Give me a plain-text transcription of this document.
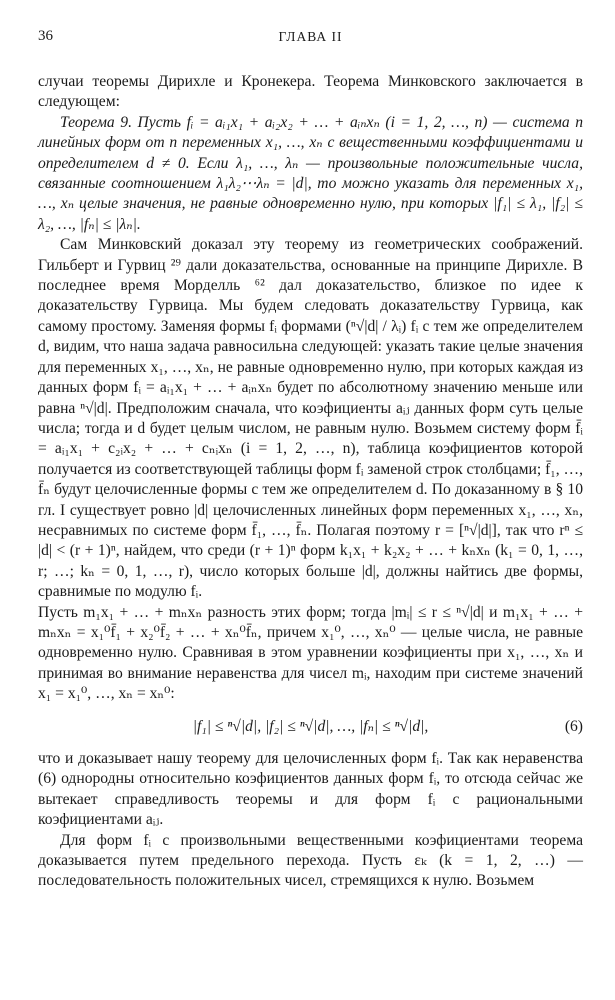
36	ГЛАВА II

случаи теоремы Дирихле и Кронекера. Теорема Минковского заключается в следующем:

Теорема 9. Пусть fᵢ = aᵢ₁x₁ + aᵢ₂x₂ + … + aᵢₙxₙ (i = 1, 2, …, n) — система n линейных форм от n переменных x₁, …, xₙ с вещественными коэффициентами и определителем d ≠ 0. Если λ₁, …, λₙ — произвольные положительные числа, связанные соотношением λ₁λ₂⋯λₙ = |d|, то можно указать для переменных x₁, …, xₙ целые значения, не равные одновременно нулю, при которых |f₁| ≤ λ₁, |f₂| ≤ λ₂, …, |fₙ| ≤ |λₙ|.

Сам Минковский доказал эту теорему из геометрических соображений. Гильберт и Гурвиц ²⁹ дали доказательства, основанные на принципе Дирихле. В последнее время Морделль ⁶² дал доказательство, близкое по идее к доказательству Гурвица. Мы будем следовать доказательству Гурвица, как самому простому. Заменяя формы fᵢ формами (ⁿ√|d| / λᵢ) fᵢ с тем же определителем d, видим, что наша задача равносильна следующей: указать такие целые значения для переменных x₁, …, xₙ, не равные одновременно нулю, при которых каждая из данных форм fᵢ = aᵢ₁x₁ + … + aᵢₙxₙ будет по абсолютному значению меньше или равна ⁿ√|d|. Предположим сначала, что коэфициенты aᵢⱼ данных форм суть целые числа; тогда и d будет целым числом, не равным нулю. Возьмем систему форм f̄ᵢ = aᵢ₁x₁ + c₂ᵢx₂ + … + cₙᵢxₙ (i = 1, 2, …, n), таблица коэфициентов которой получается из соответствующей таблицы форм fᵢ заменой строк столбцами; f̄₁, …, f̄ₙ будут целочисленные формы с тем же определителем d. По доказанному в § 10 гл. I существует ровно |d| целочисленных линейных форм переменных x₁, …, xₙ, несравнимых по системе форм f̄₁, …, f̄ₙ. Полагая поэтому r = [ⁿ√|d|], так что rⁿ ≤ |d| < (r + 1)ⁿ, найдем, что среди (r + 1)ⁿ форм k₁x₁ + k₂x₂ + … + kₙxₙ (k₁ = 0, 1, …, r; …; kₙ = 0, 1, …, r), число которых больше |d|, должны найтись две формы, сравнимые по модулю fᵢ.

Пусть m₁x₁ + … + mₙxₙ разность этих форм; тогда |mᵢ| ≤ r ≤ ⁿ√|d| и m₁x₁ + … + mₙxₙ = x₁⁰f̄₁ + x₂⁰f̄₂ + … + xₙ⁰f̄ₙ, причем x₁⁰, …, xₙ⁰ — целые числа, не равные одновременно нулю. Сравнивая в этом уравнении коэфициенты при x₁, …, xₙ и принимая во внимание неравенства для чисел mᵢ, находим при системе значений x₁ = x₁⁰, …, xₙ = xₙ⁰:

|f₁| ≤ ⁿ√|d|, |f₂| ≤ ⁿ√|d|, …, |fₙ| ≤ ⁿ√|d|,	(6)

что и доказывает нашу теорему для целочисленных форм fᵢ. Так как неравенства (6) однородны относительно коэфициентов данных форм fᵢ, то отсюда сейчас же вытекает справедливость теоремы и для форм fᵢ с рациональными коэфициентами aᵢⱼ.

Для форм fᵢ с произвольными вещественными коэфициентами теорема доказывается путем предельного перехода. Пусть εₖ (k = 1, 2, …) — последовательность положительных чисел, стремящихся к нулю. Возьмем
